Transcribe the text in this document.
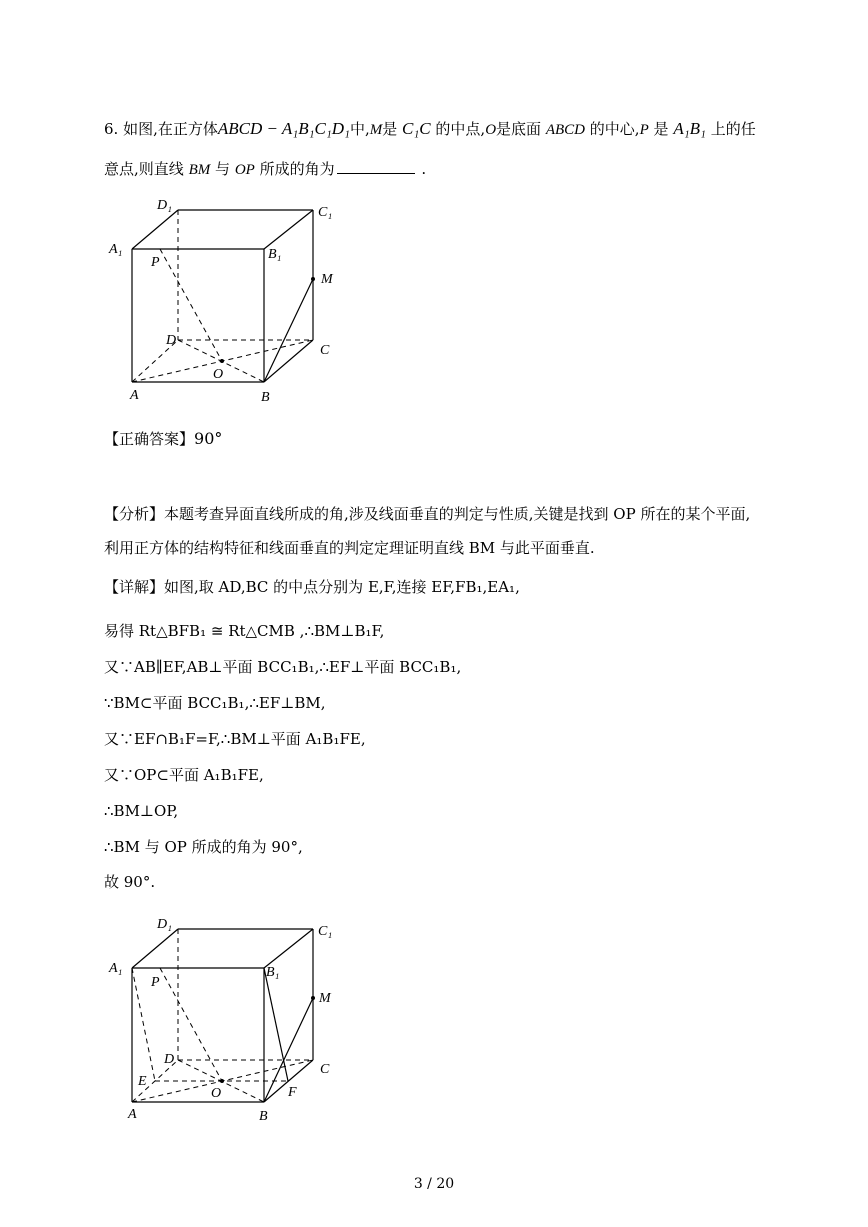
6. 如图,在正方体ABCD − A₁B₁C₁D₁中,M是 C₁C 的中点,O是底面 ABCD 的中心,P 是 A₁B₁ 上的任
意点,则直线 BM 与 OP 所成的角为	.
D₁	C₁
A₁	B₁
P
M
D
C
O
A	B
【正确答案】90°
【分析】本题考查异面直线所成的角,涉及线面垂直的判定与性质,关键是找到 OP 所在的某个平面,
利用正方体的结构特征和线面垂直的判定定理证明直线 BM 与此平面垂直.
【详解】如图,取 AD,BC 的中点分别为 E,F,连接 EF,FB₁,EA₁,
易得 Rt△BFB₁ ≅ Rt△CMB ,∴BM⊥B₁F,
又∵AB∥EF,AB⊥平面 BCC₁B₁,∴EF⊥平面 BCC₁B₁,
∵BM⊂平面 BCC₁B₁,∴EF⊥BM,
又∵EF∩B₁F=F,∴BM⊥平面 A₁B₁FE,
又∵OP⊂平面 A₁B₁FE,
∴BM⊥OP,
∴BM 与 OP 所成的角为 90°,
故 90°.
D₁	C₁
A₁	B₁
P
M
D
C
E
O	F
A	B
3 / 20
